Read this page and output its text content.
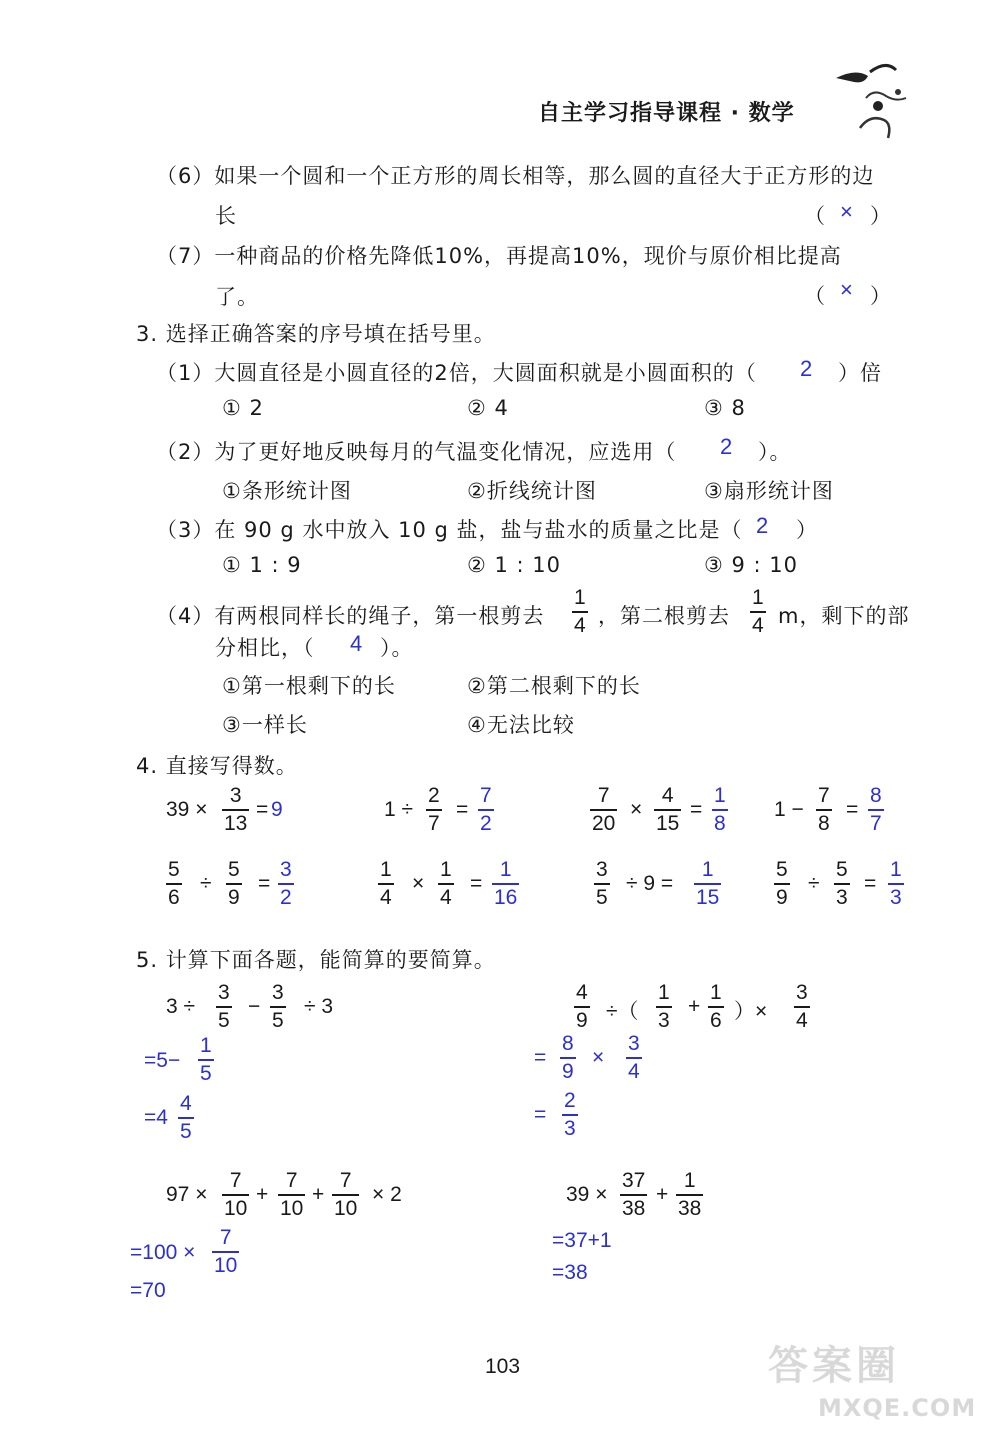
自主学习指导课程 · 数学
（6）如果一个圆和一个正方形的周长相等，那么圆的直径大于正方形的边
长	（ × ）
（7）一种商品的价格先降低10%，再提高10%，现价与原价相比提高
了。	（ × ）
3. 选择正确答案的序号填在括号里。
（1）大圆直径是小圆直径的2倍，大圆面积就是小圆面积的（ 2 ）倍
① 2	② 4	③ 8
（2）为了更好地反映每月的气温变化情况，应选用（ 2 ）。
①条形统计图	②折线统计图	③扇形统计图
（3）在 90 g 水中放入 10 g 盐，盐与盐水的质量之比是（ 2 ）
① 1 : 9	② 1 : 10	③ 9 : 10
（4）有两根同样长的绳子，第一根剪去
1
4 ，第二根剪去
1
4 m，剩下的部
分相比，（ 4 ）。
①第一根剩下的长	②第二根剩下的长
③一样长	④无法比较
4. 直接写得数。
39 ×
3
13
= 9	1 ÷
2
7
=
7
2
7
20
×
4
15
=
1
8
1 −
7
8
=
8
7
5
6
÷
5
9
=
3
2
1
4
×
1
4
=
1
16
3
5
÷ 9 =
1
15
5
9
÷
5
3
=
1
3
5. 计算下面各题，能简算的要简算。
3 ÷
3
5
−
3
5
÷ 3
=5−
1
5
=4
4
5
4
9 ÷（
1
3
+
1
6 ）×
3
4
=
8
9
×
3
4
=
2
3
97 ×
7
10
+
7
10
+
7
10
× 2
=100 ×
7
10
=70
39 ×
37
38
+
1
38
=37+1
=38
103	答案圈
MXQE.COM
